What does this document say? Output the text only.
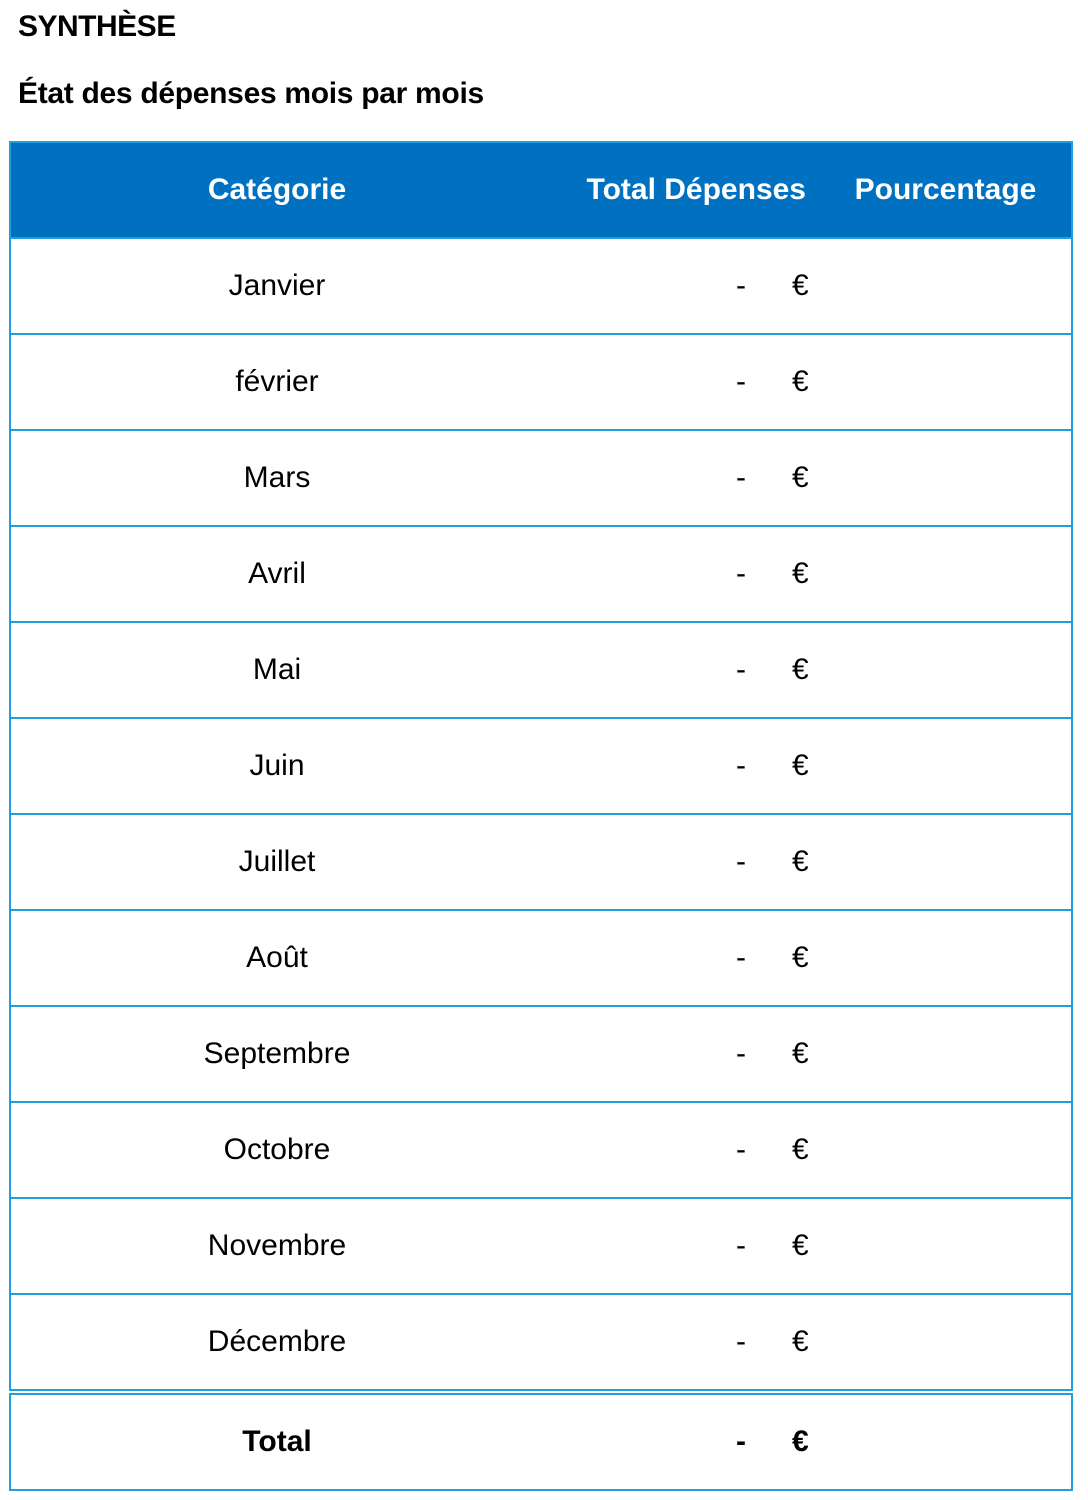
SYNTHÈSE
État des dépenses mois par mois
Catégorie	Total Dépenses	Pourcentage
Janvier	- €	

février	- €	

Mars	- €	

Avril	- €	

Mai	- €	

Juin	- €	

Juillet	- €	

Août	- €	

Septembre	- €	

Octobre	- €	

Novembre	- €	

Décembre	- €	

Total	- €	
